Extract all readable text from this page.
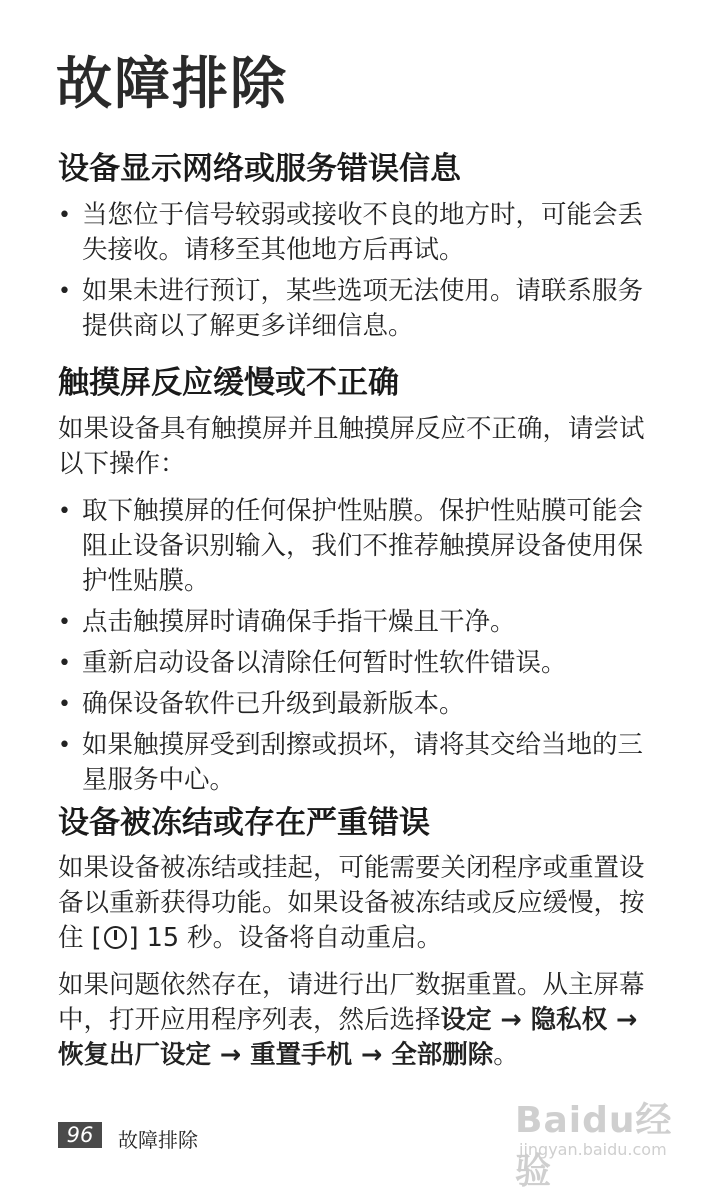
故障排除
设备显示网络或服务错误信息
• 当您位于信号较弱或接收不良的地方时，可能会丢失接收。请移至其他地方后再试。
• 如果未进行预订，某些选项无法使用。请联系服务提供商以了解更多详细信息。
触摸屏反应缓慢或不正确

如果设备具有触摸屏并且触摸屏反应不正确，请尝试以下操作：

• 取下触摸屏的任何保护性贴膜。保护性贴膜可能会阻止设备识别输入，我们不推荐触摸屏设备使用保护性贴膜。
• 点击触摸屏时请确保手指干燥且干净。
• 重新启动设备以清除任何暂时性软件错误。
• 确保设备软件已升级到最新版本。
• 如果触摸屏受到刮擦或损坏，请将其交给当地的三星服务中心。
设备被冻结或存在严重错误

如果设备被冻结或挂起，可能需要关闭程序或重置设备以重新获得功能。如果设备被冻结或反应缓慢，按住 [ ] 15 秒。设备将自动重启。

如果问题依然存在，请进行出厂数据重置。从主屏幕中，打开应用程序列表，然后选择设定 → 隐私权 → 恢复出厂设定 → 重置手机 → 全部删除。

96	故障排除	Baidu经验
jingyan.baidu.com
